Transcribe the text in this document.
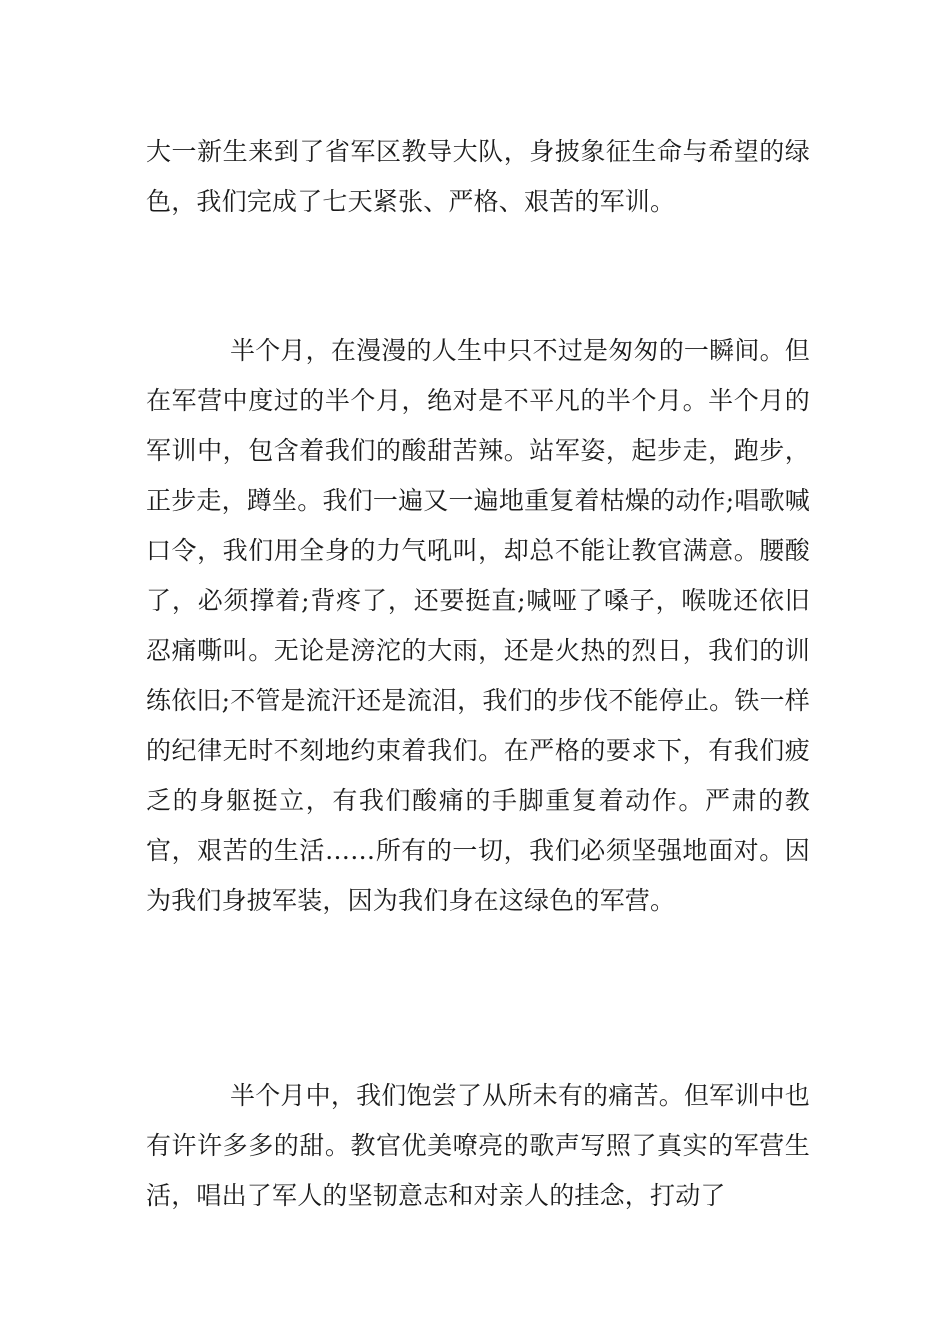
大一新生来到了省军区教导大队，身披象征生命与希望的绿色，我们完成了七天紧张、严格、艰苦的军训。

半个月，在漫漫的人生中只不过是匆匆的一瞬间。但在军营中度过的半个月，绝对是不平凡的半个月。半个月的军训中，包含着我们的酸甜苦辣。站军姿，起步走，跑步，正步走，蹲坐。我们一遍又一遍地重复着枯燥的动作;唱歌喊口令，我们用全身的力气吼叫，却总不能让教官满意。腰酸了，必须撑着;背疼了，还要挺直;喊哑了嗓子，喉咙还依旧忍痛嘶叫。无论是滂沱的大雨，还是火热的烈日，我们的训练依旧;不管是流汗还是流泪，我们的步伐不能停止。铁一样的纪律无时不刻地约束着我们。在严格的要求下，有我们疲乏的身躯挺立，有我们酸痛的手脚重复着动作。严肃的教官，艰苦的生活……所有的一切，我们必须坚强地面对。因为我们身披军装，因为我们身在这绿色的军营。

半个月中，我们饱尝了从所未有的痛苦。但军训中也有许许多多的甜。教官优美嘹亮的歌声写照了真实的军营生活，唱出了军人的坚韧意志和对亲人的挂念，打动了
